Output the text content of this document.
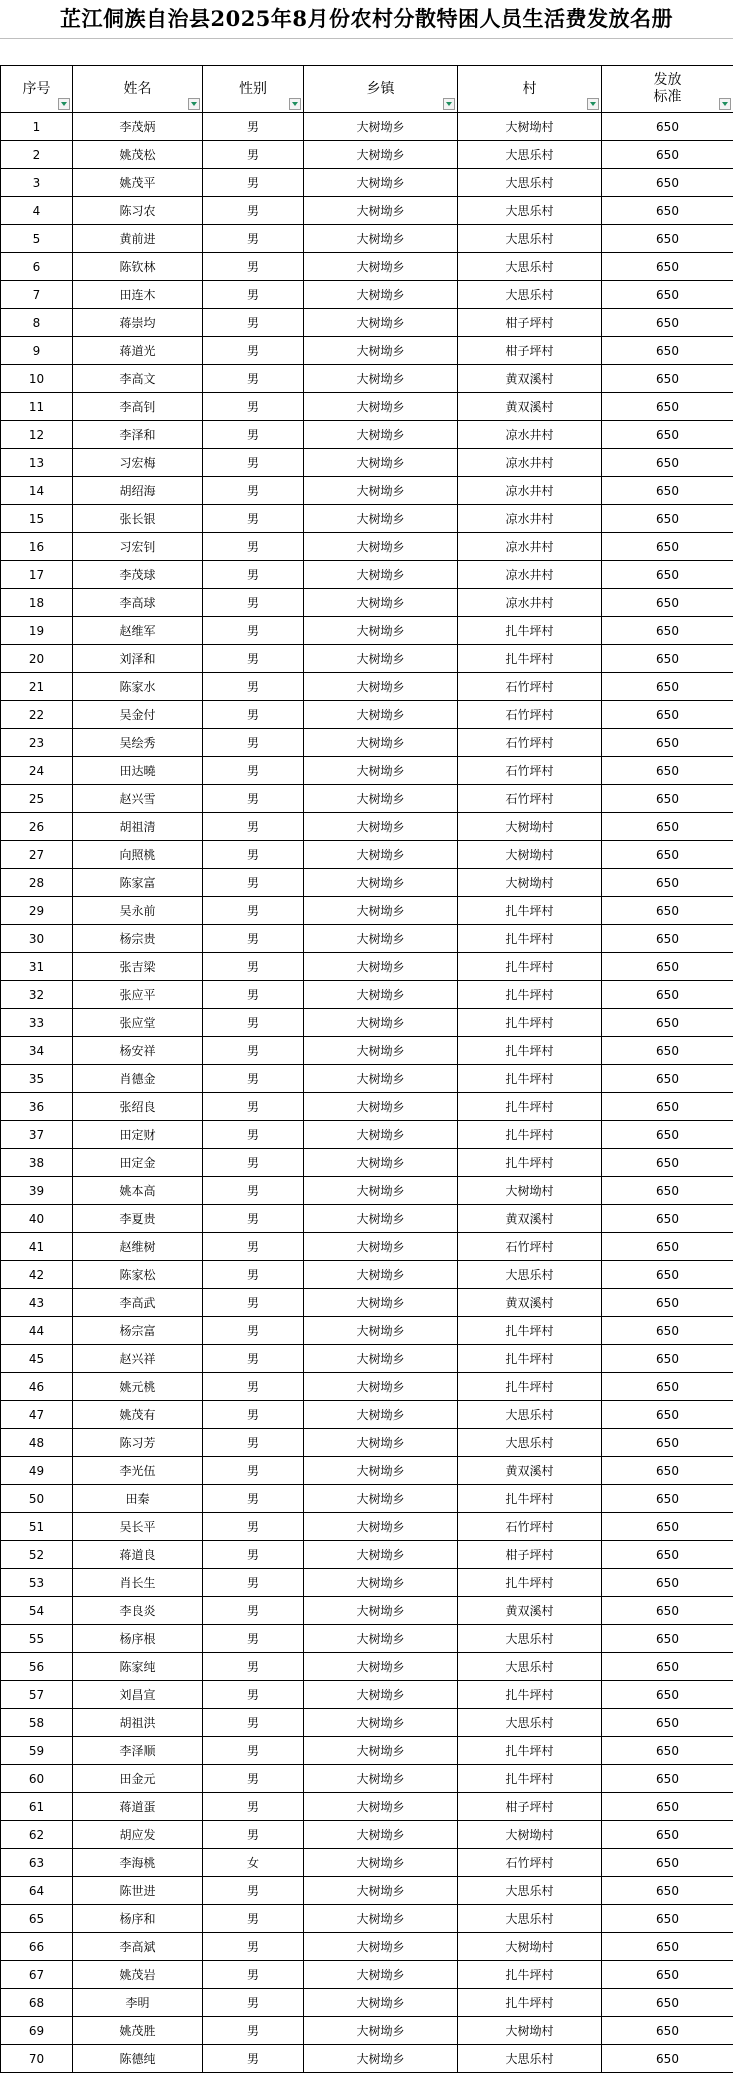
芷江侗族自治县2025年8月份农村分散特困人员生活费发放名册
序号	姓名	性别	乡镇	村	发放
标准

1	李茂炳	男	大树坳乡	大树坳村	650
2	姚茂松	男	大树坳乡	大思乐村	650
3	姚茂平	男	大树坳乡	大思乐村	650
4	陈习农	男	大树坳乡	大思乐村	650
5	黄前进	男	大树坳乡	大思乐村	650
6	陈钦林	男	大树坳乡	大思乐村	650
7	田连木	男	大树坳乡	大思乐村	650
8	蒋崇均	男	大树坳乡	柑子坪村	650
9	蒋道光	男	大树坳乡	柑子坪村	650
10	李高文	男	大树坳乡	黄双溪村	650
11	李高钊	男	大树坳乡	黄双溪村	650
12	李泽和	男	大树坳乡	凉水井村	650
13	习宏梅	男	大树坳乡	凉水井村	650
14	胡绍海	男	大树坳乡	凉水井村	650
15	张长银	男	大树坳乡	凉水井村	650
16	习宏钊	男	大树坳乡	凉水井村	650
17	李茂球	男	大树坳乡	凉水井村	650
18	李高球	男	大树坳乡	凉水井村	650
19	赵维军	男	大树坳乡	扎牛坪村	650
20	刘泽和	男	大树坳乡	扎牛坪村	650
21	陈家水	男	大树坳乡	石竹坪村	650
22	吴金付	男	大树坳乡	石竹坪村	650
23	吴绘秀	男	大树坳乡	石竹坪村	650
24	田达曉	男	大树坳乡	石竹坪村	650
25	赵兴雪	男	大树坳乡	石竹坪村	650
26	胡祖清	男	大树坳乡	大树坳村	650
27	向照桃	男	大树坳乡	大树坳村	650
28	陈家富	男	大树坳乡	大树坳村	650
29	吴永前	男	大树坳乡	扎牛坪村	650
30	杨宗贵	男	大树坳乡	扎牛坪村	650
31	张吉梁	男	大树坳乡	扎牛坪村	650
32	张应平	男	大树坳乡	扎牛坪村	650
33	张应堂	男	大树坳乡	扎牛坪村	650
34	杨安祥	男	大树坳乡	扎牛坪村	650
35	肖德金	男	大树坳乡	扎牛坪村	650
36	张绍良	男	大树坳乡	扎牛坪村	650
37	田定财	男	大树坳乡	扎牛坪村	650
38	田定金	男	大树坳乡	扎牛坪村	650
39	姚本高	男	大树坳乡	大树坳村	650
40	李夏贵	男	大树坳乡	黄双溪村	650
41	赵维树	男	大树坳乡	石竹坪村	650
42	陈家松	男	大树坳乡	大思乐村	650
43	李高武	男	大树坳乡	黄双溪村	650
44	杨宗富	男	大树坳乡	扎牛坪村	650
45	赵兴祥	男	大树坳乡	扎牛坪村	650
46	姚元桃	男	大树坳乡	扎牛坪村	650
47	姚茂有	男	大树坳乡	大思乐村	650
48	陈习芳	男	大树坳乡	大思乐村	650
49	李光伍	男	大树坳乡	黄双溪村	650
50	田秦	男	大树坳乡	扎牛坪村	650
51	吴长平	男	大树坳乡	石竹坪村	650
52	蒋道良	男	大树坳乡	柑子坪村	650
53	肖长生	男	大树坳乡	扎牛坪村	650
54	李良炎	男	大树坳乡	黄双溪村	650
55	杨序根	男	大树坳乡	大思乐村	650
56	陈家纯	男	大树坳乡	大思乐村	650
57	刘昌宣	男	大树坳乡	扎牛坪村	650
58	胡祖洪	男	大树坳乡	大思乐村	650
59	李泽顺	男	大树坳乡	扎牛坪村	650
60	田金元	男	大树坳乡	扎牛坪村	650
61	蒋道蛋	男	大树坳乡	柑子坪村	650
62	胡应发	男	大树坳乡	大树坳村	650
63	李海桃	女	大树坳乡	石竹坪村	650
64	陈世进	男	大树坳乡	大思乐村	650
65	杨序和	男	大树坳乡	大思乐村	650
66	李高斌	男	大树坳乡	大树坳村	650
67	姚茂岩	男	大树坳乡	扎牛坪村	650
68	李明	男	大树坳乡	扎牛坪村	650
69	姚茂胜	男	大树坳乡	大树坳村	650
70	陈德纯	男	大树坳乡	大思乐村	650
